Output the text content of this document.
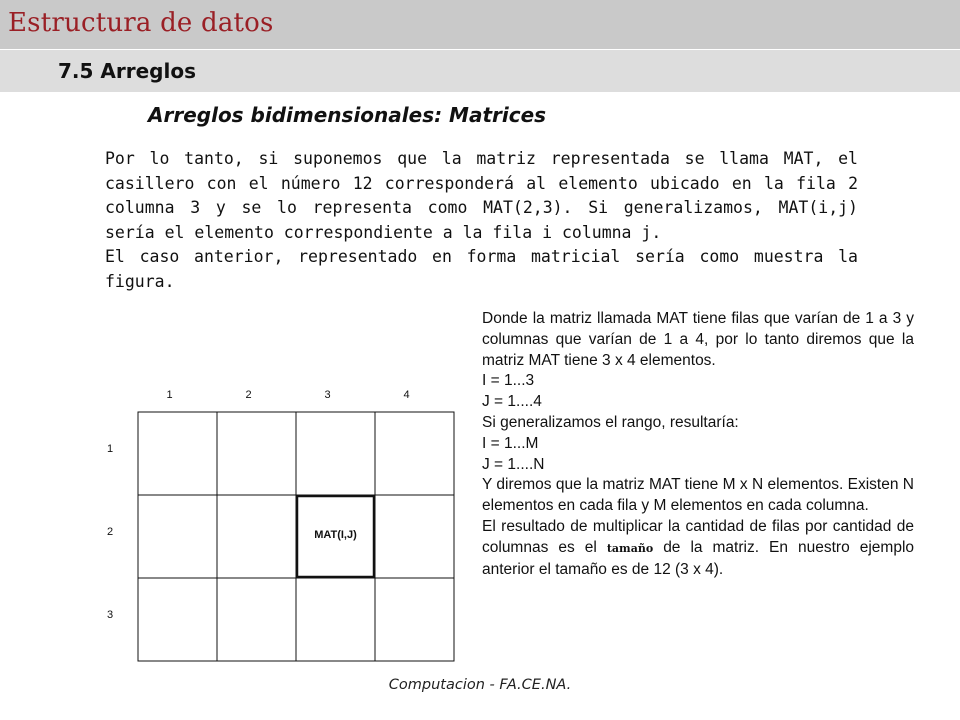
Estructura de datos
7.5 Arreglos
Arreglos bidimensionales: Matrices

Por lo tanto, si suponemos que la matriz representada se llama MAT, el casillero con el número 12 corresponderá al elemento ubicado en la fila 2 columna 3 y se lo representa como MAT(2,3). Si generalizamos, MAT(i,j) sería el elemento correspondiente a la fila i columna j.

El caso anterior, representado en forma matricial sería como muestra la figura.

MAT(I,J)
1	2	3	4
1
2
3

Donde la matriz llamada MAT tiene filas que varían de 1 a 3 y columnas que varían de 1 a 4, por lo tanto diremos que la matriz MAT tiene 3 x 4 elementos.

I = 1...3

J = 1....4

Si generalizamos el rango, resultaría:

I = 1...M

J = 1....N

Y diremos que la matriz MAT tiene M x N elementos. Existen N elementos en cada fila y M elementos en cada columna.

El resultado de multiplicar la cantidad de filas por cantidad de columnas es el tamaño de la matriz. En nuestro ejemplo anterior el tamaño es de 12 (3 x 4).

Computacion - FA.CE.NA.
